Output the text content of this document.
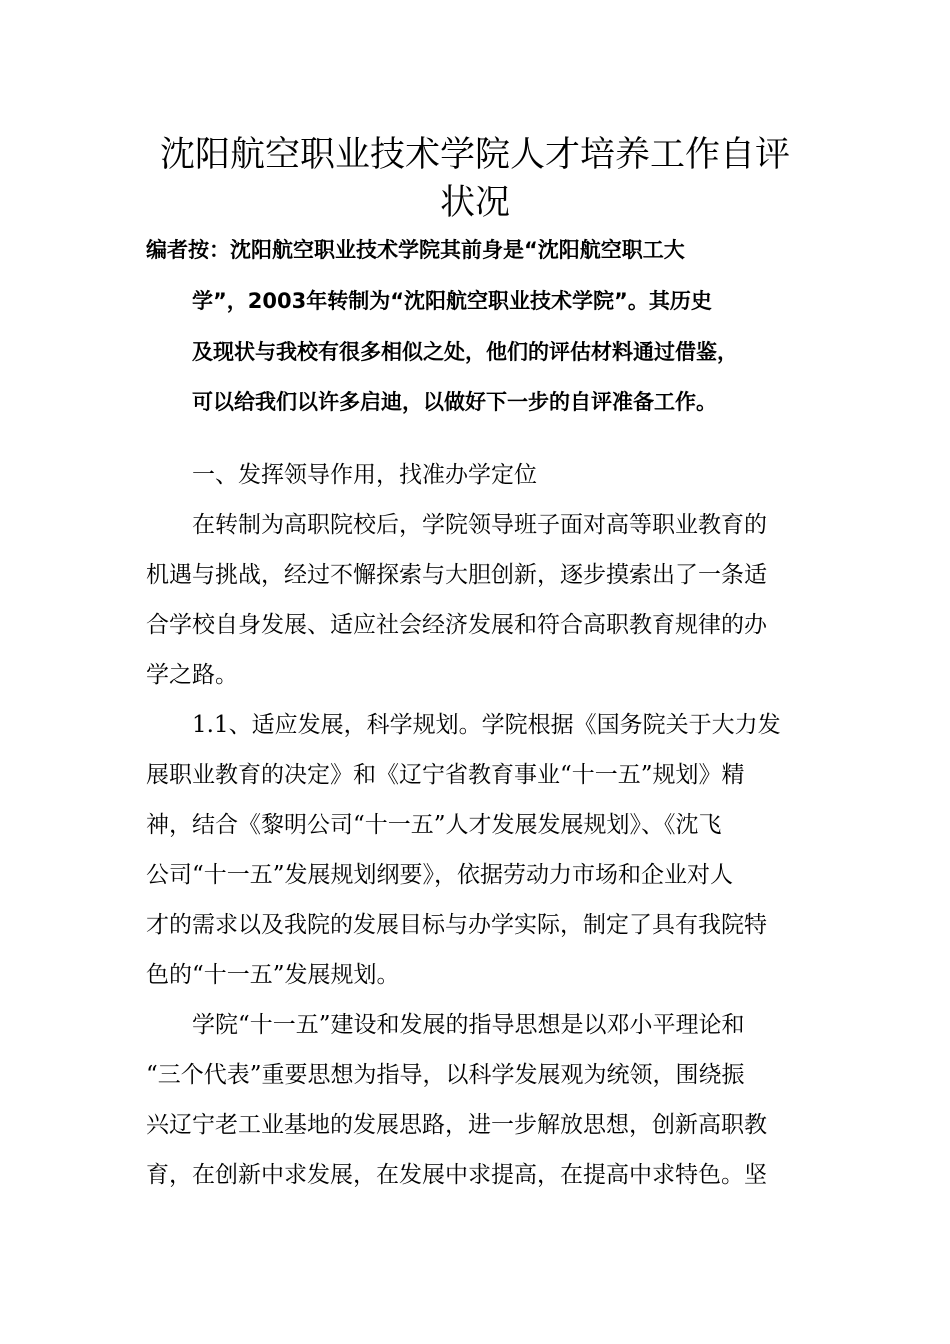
沈阳航空职业技术学院人才培养工作自评
状况
编者按：沈阳航空职业技术学院其前身是“沈阳航空职工大
学”，2003年转制为“沈阳航空职业技术学院”。其历史
及现状与我校有很多相似之处，他们的评估材料通过借鉴，
可以给我们以许多启迪，以做好下一步的自评准备工作。
一、发挥领导作用，找准办学定位
在转制为高职院校后，学院领导班子面对高等职业教育的
机遇与挑战，经过不懈探索与大胆创新，逐步摸索出了一条适
合学校自身发展、适应社会经济发展和符合高职教育规律的办
学之路。
1.1、适应发展，科学规划。学院根据《国务院关于大力发
展职业教育的决定》和《辽宁省教育事业“十一五”规划》精
神，结合《黎明公司“十一五”人才发展发展规划》、《沈飞
公司“十一五”发展规划纲要》，依据劳动力市场和企业对人
才的需求以及我院的发展目标与办学实际，制定了具有我院特
色的“十一五”发展规划。
学院“十一五”建设和发展的指导思想是以邓小平理论和
“三个代表”重要思想为指导，以科学发展观为统领，围绕振
兴辽宁老工业基地的发展思路，进一步解放思想，创新高职教
育，在创新中求发展，在发展中求提高，在提高中求特色。坚
